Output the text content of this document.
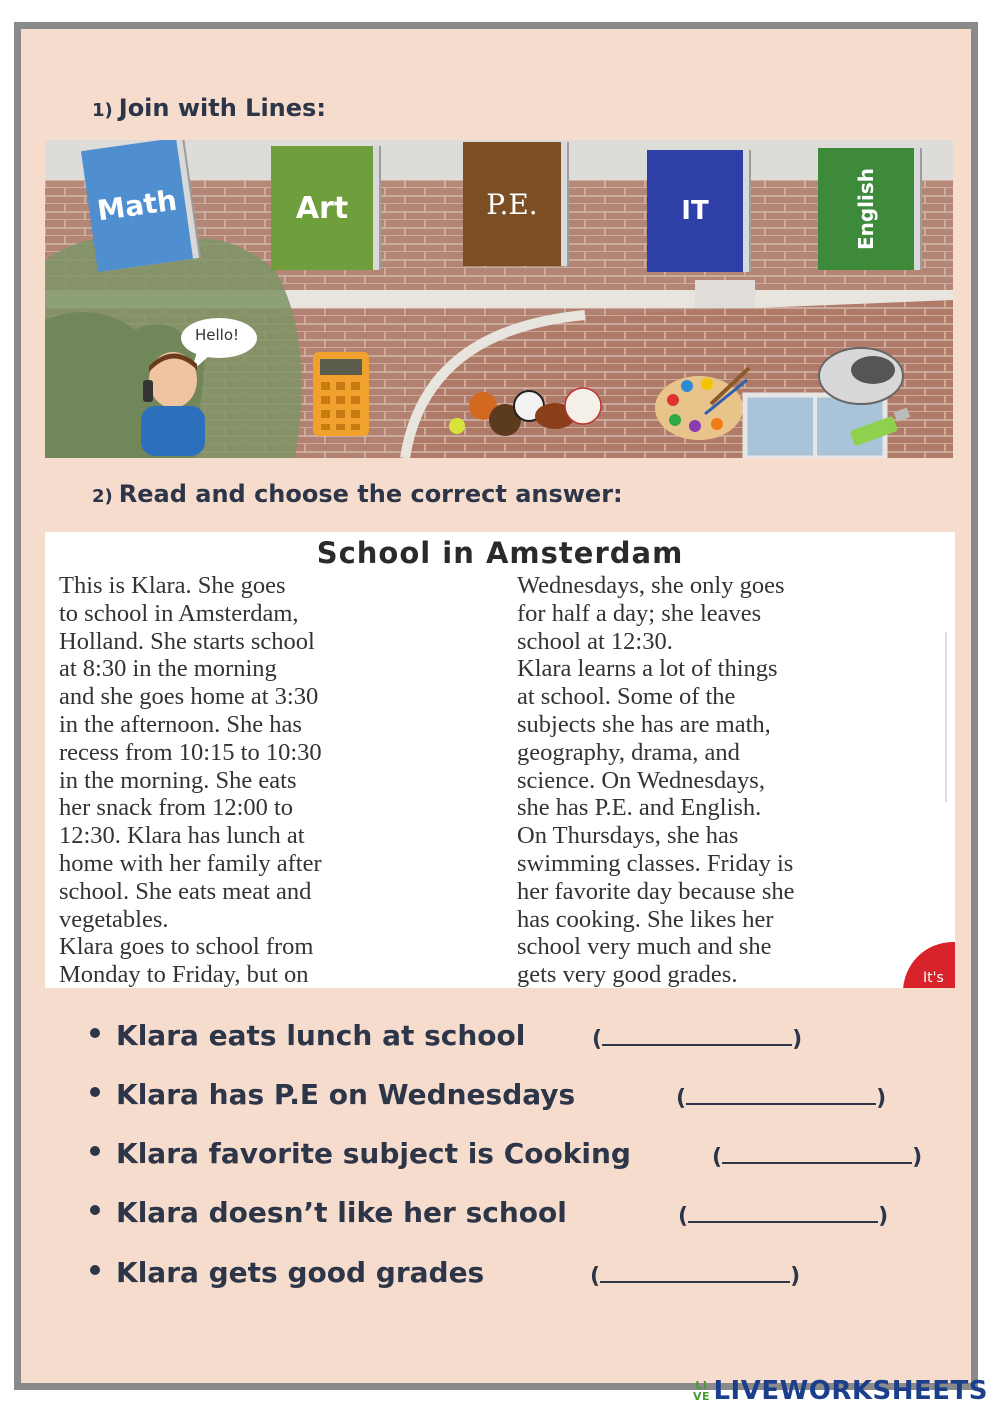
1) Join with Lines:
Math	Art	P.E.	IT	English
Hello!
2) Read and choose the correct answer:
School in Amsterdam
This is Klara. She goes
to school in Amsterdam,
Holland. She starts school
at 8:30 in the morning
and she goes home at 3:30
in the afternoon. She has
recess from 10:15 to 10:30
in the morning. She eats
her snack from 12:00 to
12:30. Klara has lunch at
home with her family after
school. She eats meat and
vegetables.
Klara goes to school from
Monday to Friday, but on
Wednesdays, she only goes
for half a day; she leaves
school at 12:30.
Klara learns a lot of things
at school. Some of the
subjects she has are math,
geography, drama, and
science. On Wednesdays,
she has P.E. and English.
On Thursdays, she has
swimming classes. Friday is
her favorite day because she
has cooking. She likes her
school very much and she
gets very good grades.	It's
Klara eats lunch at school	(	)
Klara has P.E on Wednesdays	(	)
Klara favorite subject is Cooking	(	)
Klara doesn’t like her school	(	)
Klara gets good grades	(	)
LIVE LIVEWORKSHEETS
